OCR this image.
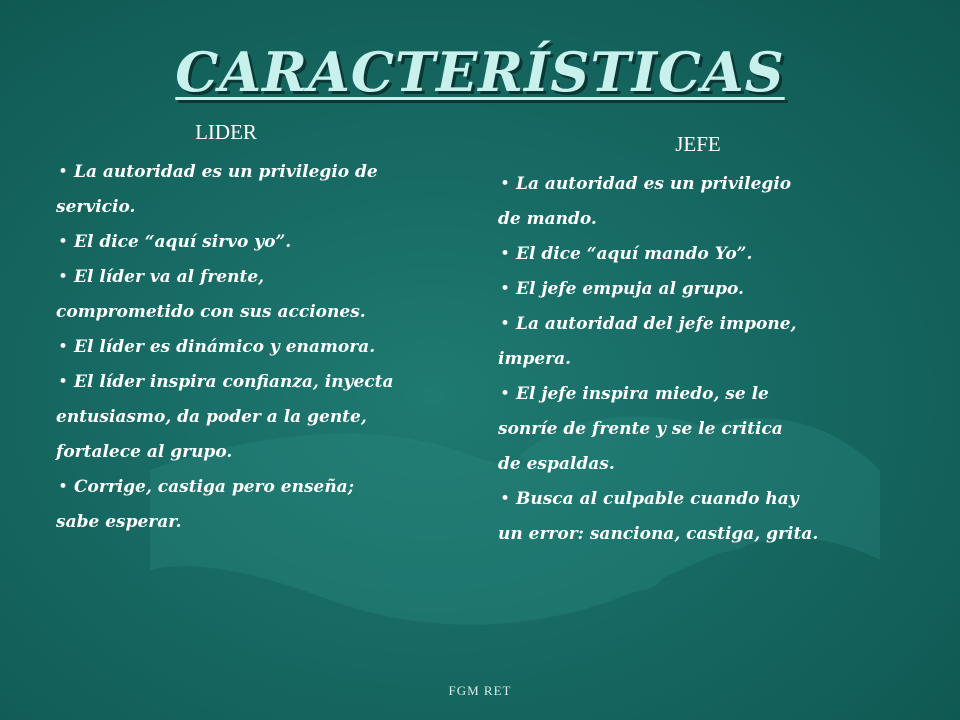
CARACTERÍSTICAS
LIDER
• La autoridad es un privilegio de
servicio.
• El dice “aquí sirvo yo”.
• El líder va al frente,
comprometido con sus acciones.
• El líder es dinámico y enamora.
• El líder inspira confianza, inyecta
entusiasmo, da poder a la gente,
fortalece al grupo.
• Corrige, castiga pero enseña;
sabe esperar.
JEFE
• La autoridad es un privilegio
de mando.
• El dice “aquí mando Yo”.
• El jefe empuja al grupo.
• La autoridad del jefe impone,
impera.
• El jefe inspira miedo, se le
sonríe de frente y se le critica
de espaldas.
• Busca al culpable cuando hay
un error: sanciona, castiga, grita.
FGM RET
